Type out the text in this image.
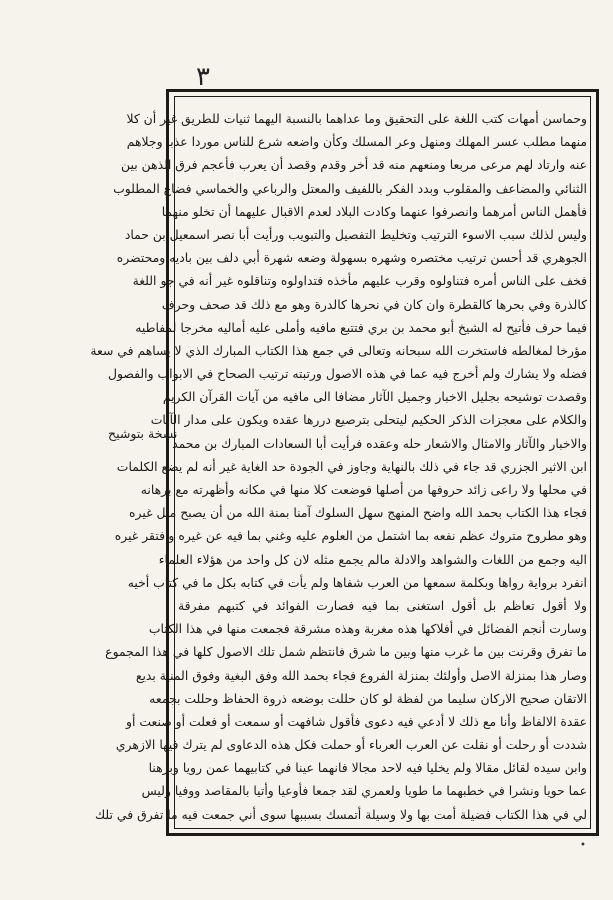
٣
وحماسن أمهات كتب اللغة على التحقيق وما عداهما بالنسبة اليهما ثنيات للطريق غير أن كلا
منهما مطلب عسر المهلك ومنهل وعر المسلك وكأن واضعه شرع للناس موردا عذبا وجلاهم
عنه وارتاد لهم مرعى مربعا ومنعهم منه قد أخر وقدم وقصد أن يعرب فأعجم فرق الذهن بين
الثنائي والمضاعف والمقلوب وبدد الفكر باللفيف والمعتل والرباعي والخماسي فضاع المطلوب
فأهمل الناس أمرهما وانصرفوا عنهما وكادت البلاد لعدم الاقبال عليهما أن تخلو منهما
وليس لذلك سبب الاسوء الترتيب وتخليط التفصيل والتبويب ورأيت أبا نصر اسمعيل بن حماد
الجوهري قد أحسن ترتيب مختصره وشهره بسهولة وضعه شهرة أبي دلف بين باديه ومحتضره
فخف على الناس أمره فتناولوه وقرب عليهم مأخذه فتداولوه وتناقلوه غير أنه في جو اللغة
كالذرة وفي بحرها كالقطرة وان كان في نحرها كالدرة وهو مع ذلك قد صحف وحرف
فيما حرف فأتيح له الشيخ أبو محمد بن بري فتتبع مافيه وأملى عليه أماليه مخرجا لمفاطيه
مؤرخا لمغالطه فاستخرت الله سبحانه وتعالى في جمع هذا الكتاب المبارك الذي لا يساهم في سعة
فضله ولا يشارك ولم أخرج فيه عما في هذه الاصول ورتبته ترتيب الصحاح في الابواب والفصول
وقصدت توشيحه بجليل الاخبار وجميل الآثار مضافا الى مافيه من آيات القرآن الكريم
والكلام على معجزات الذكر الحكيم ليتحلى بترصيع دررها عقده ويكون على مدار الآيات
والاخبار والآثار والامثال والاشعار حله وعقده فرأيت أبا السعادات المبارك بن محمد
ابن الاثير الجزري قد جاء في ذلك بالنهاية وجاوز في الجودة حد الغاية غير أنه لم يضع الكلمات
في محلها ولا راعى زائد حروفها من أصلها فوضعت كلا منها في مكانه وأظهرته مع برهانه
فجاء هذا الكتاب بحمد الله واضح المنهج سهل السلوك آمنا بمنة الله من أن يصبح مثل غيره
وهو مطروح متروك عظم نفعه بما اشتمل من العلوم عليه وغني بما فيه عن غيره وافتقر غيره
اليه وجمع من اللغات والشواهد والادلة مالم يجمع مثله لان كل واحد من هؤلاء العلماء
انفرد برواية رواها وبكلمة سمعها من العرب شفاها ولم يأت في كتابه بكل ما في كتاب أخيه
ولا أقول تعاظم بل أقول استغنى بما فيه فصارت الفوائد في كتبهم مفرقة
وسارت أنجم الفضائل في أفلاكها هذه مغربة وهذه مشرقة فجمعت منها في هذا الكتاب
ما تفرق وقرنت بين ما غرب منها وبين ما شرق فانتظم شمل تلك الاصول كلها في هذا المجموع
وصار هذا بمنزلة الاصل وأولئك بمنزلة الفروع فجاء بحمد الله وفق البغية وفوق المنية بديع
الاتقان صحيح الاركان سليما من لفظة لو كان حللت بوضعه ذروة الحفاظ وحللت بجمعه
عقدة الالفاظ وأنا مع ذلك لا أدعي فيه دعوى فأقول شافهت أو سمعت أو فعلت أو صنعت أو
شددت أو رحلت أو نقلت عن العرب العرباء أو حملت فكل هذه الدعاوى لم يترك فيها الازهري
وابن سيده لقائل مقالا ولم يخليا فيه لاحد مجالا فانهما عينا في كتابيهما عمن رويا وبرهنا
عما حويا ونشرا في خطبهما ما طويا ولعمري لقد جمعا فأوعيا وأتيا بالمقاصد ووفيا وليس
لي في هذا الكتاب فضيلة أمت بها ولا وسيلة أتمسك بسببها سوى أني جمعت فيه ما تفرق في تلك
نسخة بتوشيح
•
